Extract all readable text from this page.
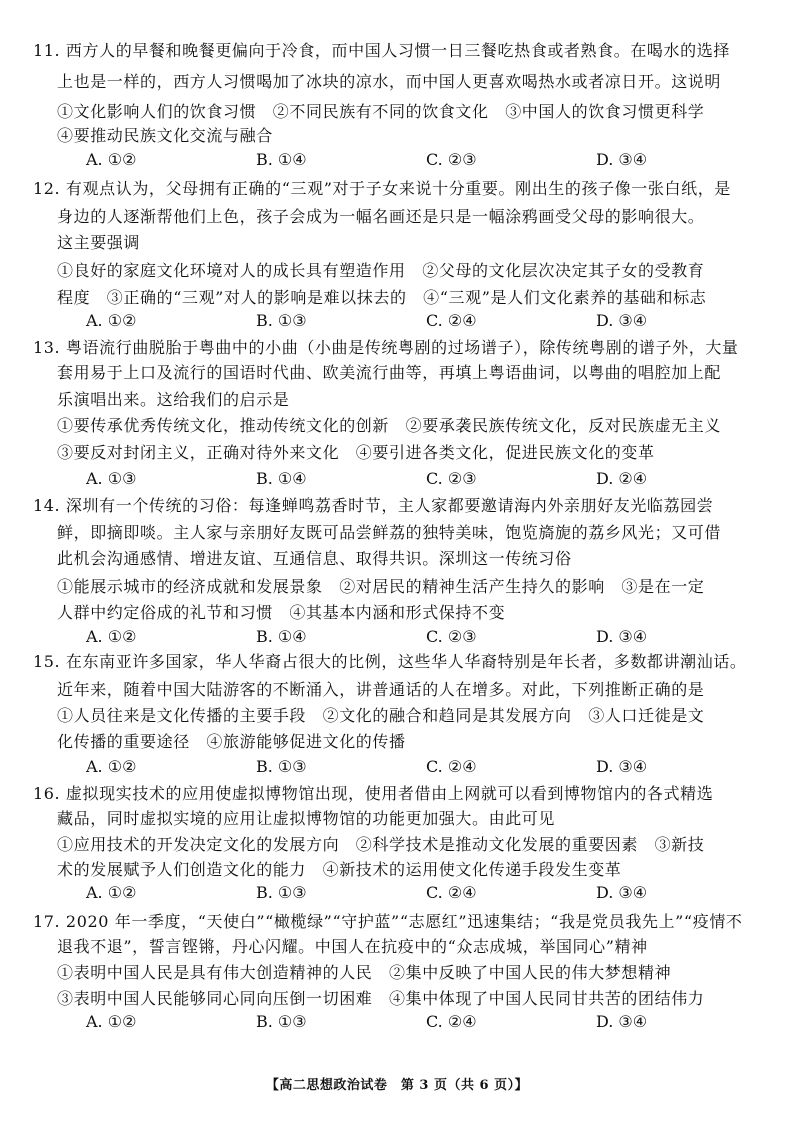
11. 西方人的早餐和晚餐更偏向于冷食，而中国人习惯一日三餐吃热食或者熟食。在喝水的选择
上也是一样的，西方人习惯喝加了冰块的凉水，而中国人更喜欢喝热水或者凉日开。这说明
①文化影响人们的饮食习惯　②不同民族有不同的饮食文化　③中国人的饮食习惯更科学
④要推动民族文化交流与融合
A. ①②	B. ①④	C. ②③	D. ③④
12. 有观点认为，父母拥有正确的“三观”对于子女来说十分重要。刚出生的孩子像一张白纸，是
身边的人逐渐帮他们上色，孩子会成为一幅名画还是只是一幅涂鸦画受父母的影响很大。
这主要强调
①良好的家庭文化环境对人的成长具有塑造作用　②父母的文化层次决定其子女的受教育
程度　③正确的“三观”对人的影响是难以抹去的　④“三观”是人们文化素养的基础和标志
A. ①②	B. ①③	C. ②④	D. ③④
13. 粤语流行曲脱胎于粤曲中的小曲（小曲是传统粤剧的过场谱子），除传统粤剧的谱子外，大量
套用易于上口及流行的国语时代曲、欧美流行曲等，再填上粤语曲词，以粤曲的唱腔加上配
乐演唱出来。这给我们的启示是
①要传承优秀传统文化，推动传统文化的创新　②要承袭民族传统文化，反对民族虚无主义
③要反对封闭主义，正确对待外来文化　④要引进各类文化，促进民族文化的变革
A. ①③	B. ①④	C. ②③	D. ②④
14. 深圳有一个传统的习俗：每逢蝉鸣荔香时节，主人家都要邀请海内外亲朋好友光临荔园尝
鲜，即摘即啖。主人家与亲朋好友既可品尝鲜荔的独特美味，饱览旖旎的荔乡风光；又可借
此机会沟通感情、增进友谊、互通信息、取得共识。深圳这一传统习俗
①能展示城市的经济成就和发展景象　②对居民的精神生活产生持久的影响　③是在一定
人群中约定俗成的礼节和习惯　④其基本内涵和形式保持不变
A. ①②	B. ①④	C. ②③	D. ③④
15. 在东南亚许多国家，华人华裔占很大的比例，这些华人华裔特别是年长者，多数都讲潮汕话。
近年来，随着中国大陆游客的不断涌入，讲普通话的人在增多。对此，下列推断正确的是
①人员往来是文化传播的主要手段　②文化的融合和趋同是其发展方向　③人口迁徙是文
化传播的重要途径　④旅游能够促进文化的传播
A. ①②	B. ①③	C. ②④	D. ③④
16. 虚拟现实技术的应用使虚拟博物馆出现，使用者借由上网就可以看到博物馆内的各式精选
藏品，同时虚拟实境的应用让虚拟博物馆的功能更加强大。由此可见
①应用技术的开发决定文化的发展方向　②科学技术是推动文化发展的重要因素　③新技
术的发展赋予人们创造文化的能力　④新技术的运用使文化传递手段发生变革
A. ①②	B. ①③	C. ②④	D. ③④
17. 2020 年一季度，“天使白”“橄榄绿”“守护蓝”“志愿红”迅速集结；“我是党员我先上”“疫情不
退我不退”，誓言铿锵，丹心闪耀。中国人在抗疫中的“众志成城，举国同心”精神
①表明中国人民是具有伟大创造精神的人民　②集中反映了中国人民的伟大梦想精神
③表明中国人民能够同心同向压倒一切困难　④集中体现了中国人民同甘共苦的团结伟力
A. ①②	B. ①③	C. ②④	D. ③④
【高二思想政治试卷　第 3 页（共 6 页）】
